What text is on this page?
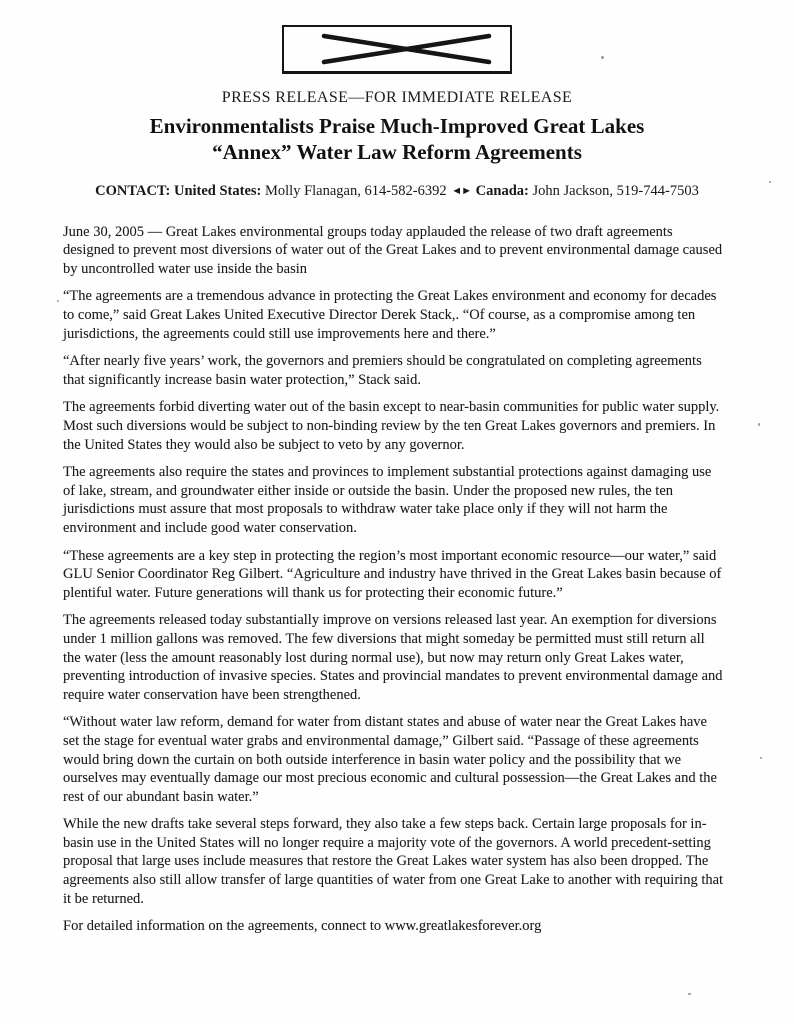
PRESS RELEASE—FOR IMMEDIATE RELEASE
Environmentalists Praise Much-Improved Great Lakes
“Annex” Water Law Reform Agreements
CONTACT: United States: Molly Flanagan, 614-582-6392 ◄► Canada: John Jackson, 519-744-7503

June 30, 2005 — Great Lakes environmental groups today applauded the release of two draft agreements designed to prevent most diversions of water out of the Great Lakes and to prevent environmental damage caused by uncontrolled water use inside the basin

“The agreements are a tremendous advance in protecting the Great Lakes environment and economy for decades to come,” said Great Lakes United Executive Director Derek Stack,. “Of course, as a compromise among ten jurisdictions, the agreements could still use improvements here and there.”

“After nearly five years’ work, the governors and premiers should be congratulated on completing agreements that significantly increase basin water protection,” Stack said.

The agreements forbid diverting water out of the basin except to near-basin communities for public water supply. Most such diversions would be subject to non-binding review by the ten Great Lakes governors and premiers. In the United States they would also be subject to veto by any governor.

The agreements also require the states and provinces to implement substantial protections against damaging use of lake, stream, and groundwater either inside or outside the basin. Under the proposed new rules, the ten jurisdictions must assure that most proposals to withdraw water take place only if they will not harm the environment and include good water conservation.

“These agreements are a key step in protecting the region’s most important economic resource—our water,” said GLU Senior Coordinator Reg Gilbert. “Agriculture and industry have thrived in the Great Lakes basin because of plentiful water. Future generations will thank us for protecting their economic future.”

The agreements released today substantially improve on versions released last year. An exemption for diversions under 1 million gallons was removed. The few diversions that might someday be permitted must still return all the water (less the amount reasonably lost during normal use), but now may return only Great Lakes water, preventing introduction of invasive species. States and provincial mandates to prevent environmental damage and require water conservation have been strengthened.

“Without water law reform, demand for water from distant states and abuse of water near the Great Lakes have set the stage for eventual water grabs and environmental damage,” Gilbert said. “Passage of these agreements would bring down the curtain on both outside interference in basin water policy and the possibility that we ourselves may eventually damage our most precious economic and cultural possession—the Great Lakes and the rest of our abundant basin water.”

While the new drafts take several steps forward, they also take a few steps back. Certain large proposals for in-basin use in the United States will no longer require a majority vote of the governors. A world precedent-setting proposal that large uses include measures that restore the Great Lakes water system has also been dropped. The agreements also still allow transfer of large quantities of water from one Great Lake to another with requiring that it be returned.

For detailed information on the agreements, connect to www.greatlakesforever.org
